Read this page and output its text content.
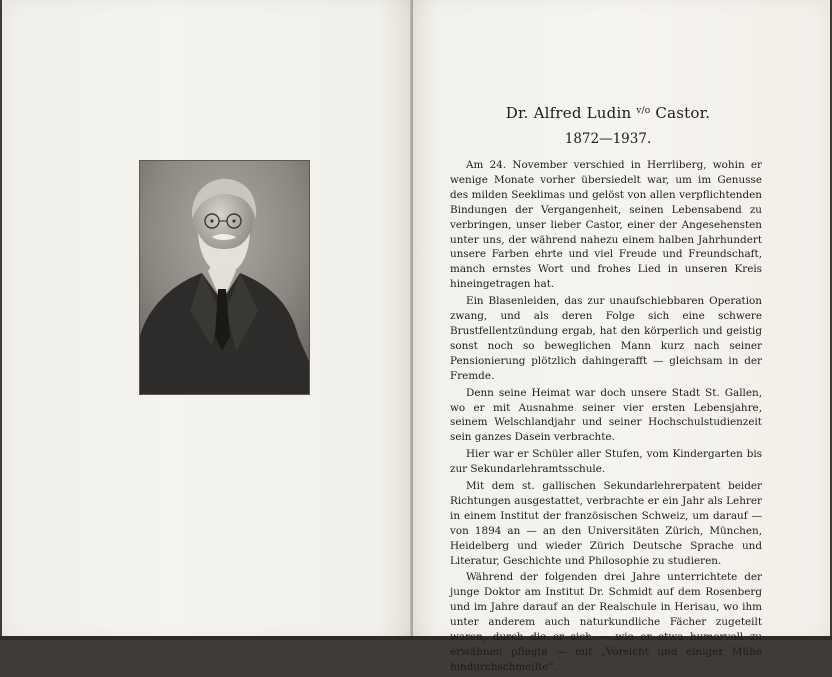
Dr. Alfred Ludin $^{v/o}$ Castor.
1872—1937.

Am 24. November verschied in Herrliberg, wohin er wenige Monate vorher übersiedelt war, um im Genusse des milden Seeklimas und gelöst von allen verpflichtenden Bindungen der Vergangenheit, seinen Lebensabend zu verbringen, unser lieber Castor, einer der Angesehensten unter uns, der während nahezu einem halben Jahrhundert unsere Farben ehrte und viel Freude und Freundschaft, manch ernstes Wort und frohes Lied in unseren Kreis hineingetragen hat.

Ein Blasenleiden, das zur unaufschiebbaren Operation zwang, und als deren Folge sich eine schwere Brustfellentzündung ergab, hat den körperlich und geistig sonst noch so beweglichen Mann kurz nach seiner Pensionierung plötzlich dahingerafft — gleichsam in der Fremde.

Denn seine Heimat war doch unsere Stadt St. Gallen, wo er mit Ausnahme seiner vier ersten Lebensjahre, seinem Welschlandjahr und seiner Hochschulstudienzeit sein ganzes Dasein verbrachte.

Hier war er Schüler aller Stufen, vom Kindergarten bis zur Sekundarlehramtsschule.

Mit dem st. gallischen Sekundarlehrerpatent beider Richtungen ausgestattet, verbrachte er ein Jahr als Lehrer in einem Institut der französischen Schweiz, um darauf — von 1894 an — an den Universitäten Zürich, München, Heidelberg und wieder Zürich Deutsche Sprache und Literatur, Geschichte und Philosophie zu studieren.

Während der folgenden drei Jahre unterrichtete der junge Doktor am Institut Dr. Schmidt auf dem Rosenberg und im Jahre darauf an der Realschule in Herisau, wo ihm unter anderem auch naturkundliche Fächer zugeteilt waren, durch die er sich — wie er etwa humorvoll zu erwähnen pflegte — mit „Vorsicht und einiger Mühe hindurchschmeilte“.
